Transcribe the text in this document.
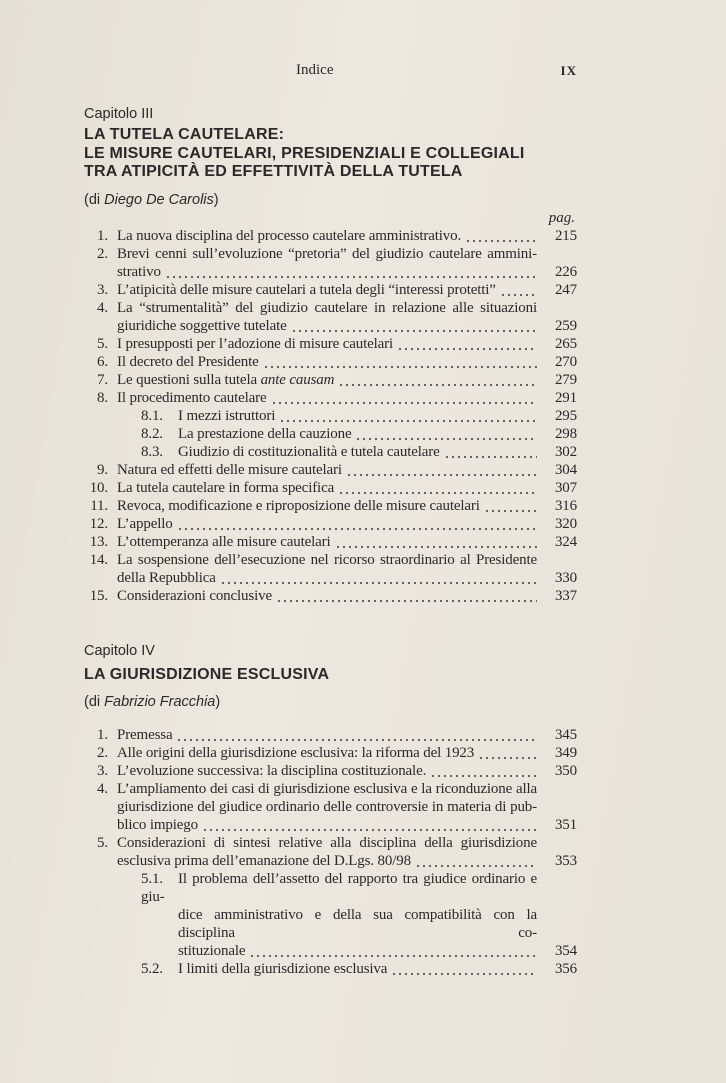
Indice	IX
Capitolo III
LA TUTELA CAUTELARE:
LE MISURE CAUTELARI, PRESIDENZIALI E COLLEGIALI
TRA ATIPICITÀ ED EFFETTIVITÀ DELLA TUTELA
(di Diego De Carolis)
pag.
1. La nuova disciplina del processo cautelare amministrativo.	215
2. Brevi cenni sull’evoluzione “pretoria” del giudizio cautelare ammini-
strativo	226
3. L’atipicità delle misure cautelari a tutela degli “interessi protetti”	247
4. La “strumentalità” del giudizio cautelare in relazione alle situazioni
giuridiche soggettive tutelate	259
5. I presupposti per l’adozione di misure cautelari	265
6. Il decreto del Presidente	270
7. Le questioni sulla tutela ante causam	279
8. Il procedimento cautelare	291
8.1. I mezzi istruttori	295
8.2. La prestazione della cauzione	298
8.3. Giudizio di costituzionalità e tutela cautelare	302
9. Natura ed effetti delle misure cautelari	304
10. La tutela cautelare in forma specifica	307
11. Revoca, modificazione e riproposizione delle misure cautelari	316
12. L’appello	320
13. L’ottemperanza alle misure cautelari	324
14. La sospensione dell’esecuzione nel ricorso straordinario al Presidente
della Repubblica	330
15. Considerazioni conclusive	337
Capitolo IV
LA GIURISDIZIONE ESCLUSIVA
(di Fabrizio Fracchia)
1. Premessa	345
2. Alle origini della giurisdizione esclusiva: la riforma del 1923	349
3. L’evoluzione successiva: la disciplina costituzionale.	350
4. L’ampliamento dei casi di giurisdizione esclusiva e la riconduzione alla
giurisdizione del giudice ordinario delle controversie in materia di pub-
blico impiego	351
5. Considerazioni di sintesi relative alla disciplina della giurisdizione
esclusiva prima dell’emanazione del D.Lgs. 80/98	353
5.1. Il problema dell’assetto del rapporto tra giudice ordinario e giu-
dice amministrativo e della sua compatibilità con la disciplina co-
stituzionale	354
5.2. I limiti della giurisdizione esclusiva	356
